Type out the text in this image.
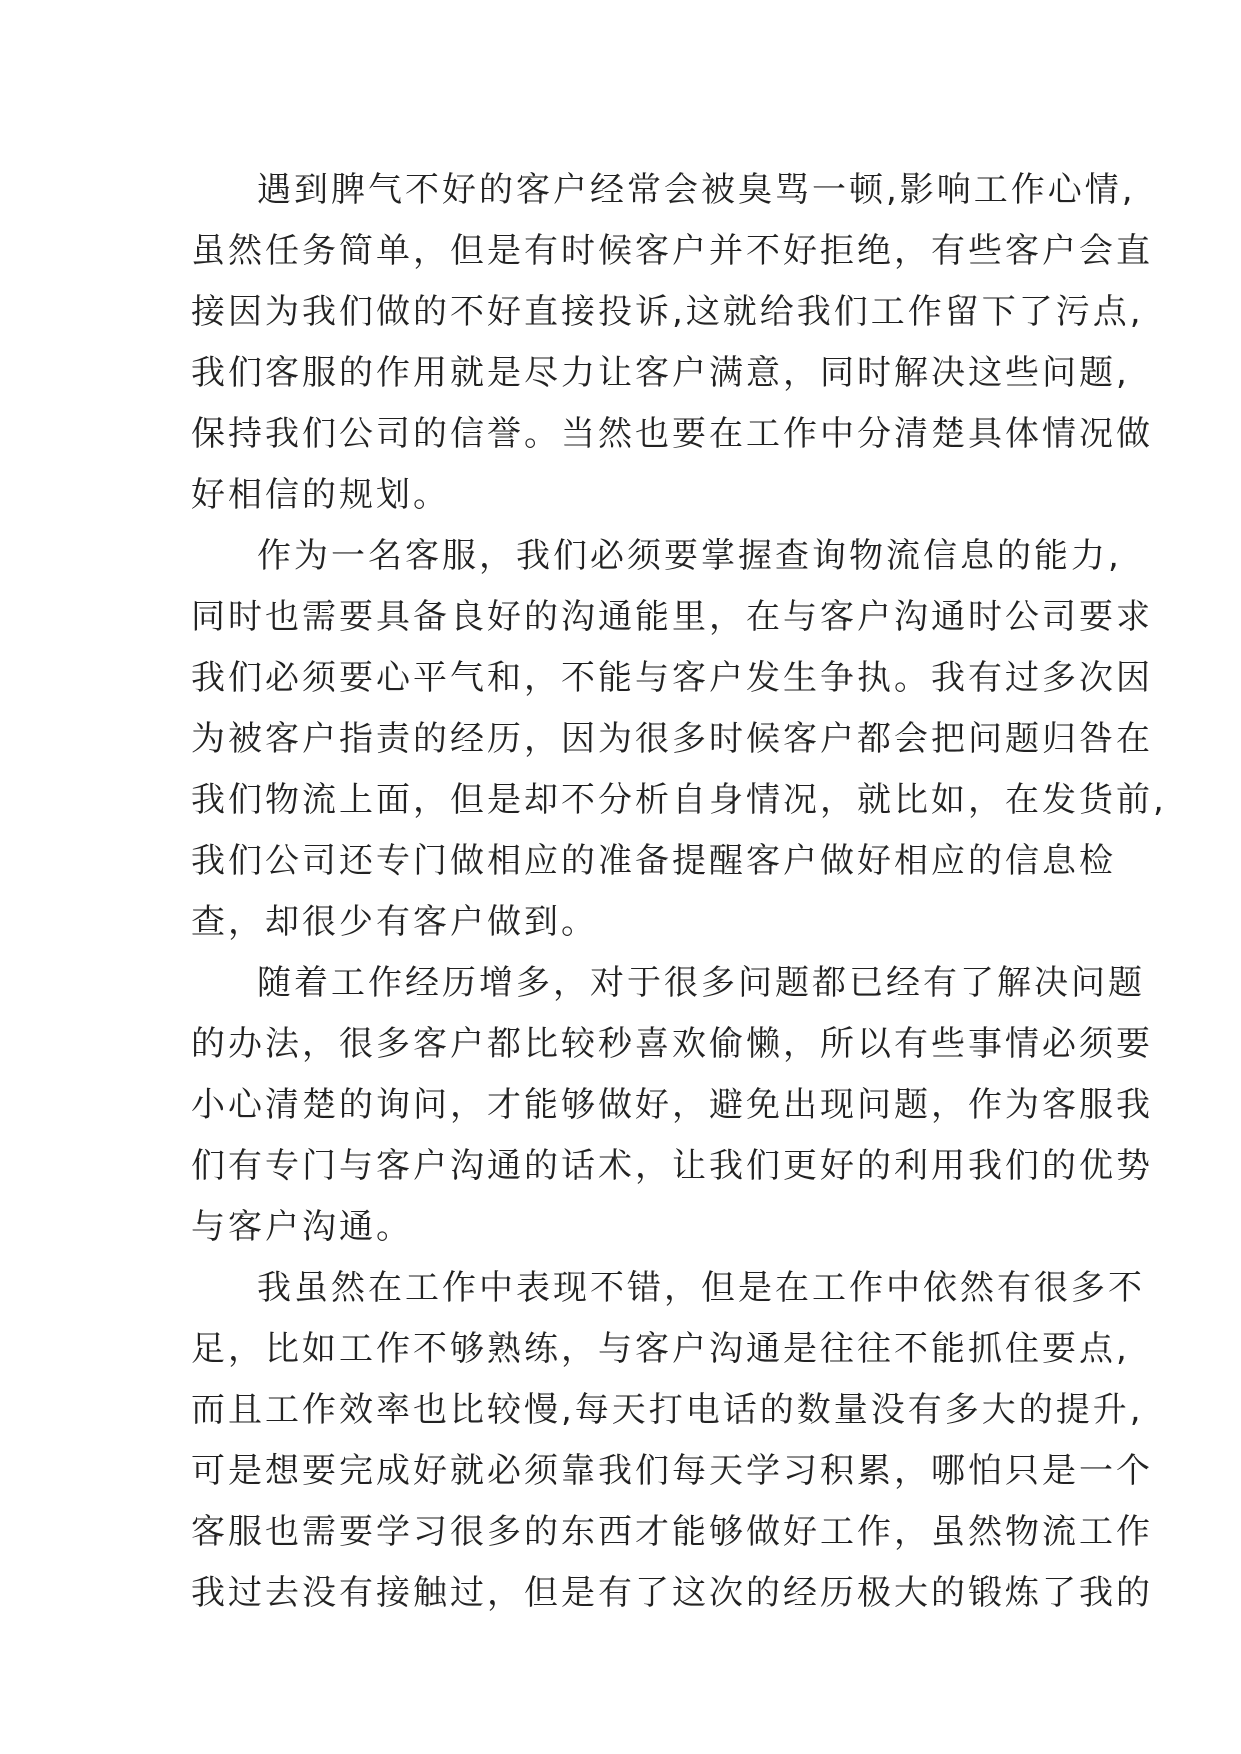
遇到脾气不好的客户经常会被臭骂一顿,影响工作心情,
虽然任务简单，但是有时候客户并不好拒绝，有些客户会直
接因为我们做的不好直接投诉,这就给我们工作留下了污点,
我们客服的作用就是尽力让客户满意，同时解决这些问题,
保持我们公司的信誉。当然也要在工作中分清楚具体情况做
好相信的规划。
作为一名客服，我们必须要掌握查询物流信息的能力,
同时也需要具备良好的沟通能里，在与客户沟通时公司要求
我们必须要心平气和，不能与客户发生争执。我有过多次因
为被客户指责的经历，因为很多时候客户都会把问题归咎在
我们物流上面，但是却不分析自身情况，就比如，在发货前,
我们公司还专门做相应的准备提醒客户做好相应的信息检
查，却很少有客户做到。
随着工作经历增多，对于很多问题都已经有了解决问题
的办法，很多客户都比较秒喜欢偷懒，所以有些事情必须要
小心清楚的询问，才能够做好，避免出现问题，作为客服我
们有专门与客户沟通的话术，让我们更好的利用我们的优势
与客户沟通。
我虽然在工作中表现不错，但是在工作中依然有很多不
足，比如工作不够熟练，与客户沟通是往往不能抓住要点,
而且工作效率也比较慢,每天打电话的数量没有多大的提升,
可是想要完成好就必须靠我们每天学习积累，哪怕只是一个
客服也需要学习很多的东西才能够做好工作，虽然物流工作
我过去没有接触过，但是有了这次的经历极大的锻炼了我的
